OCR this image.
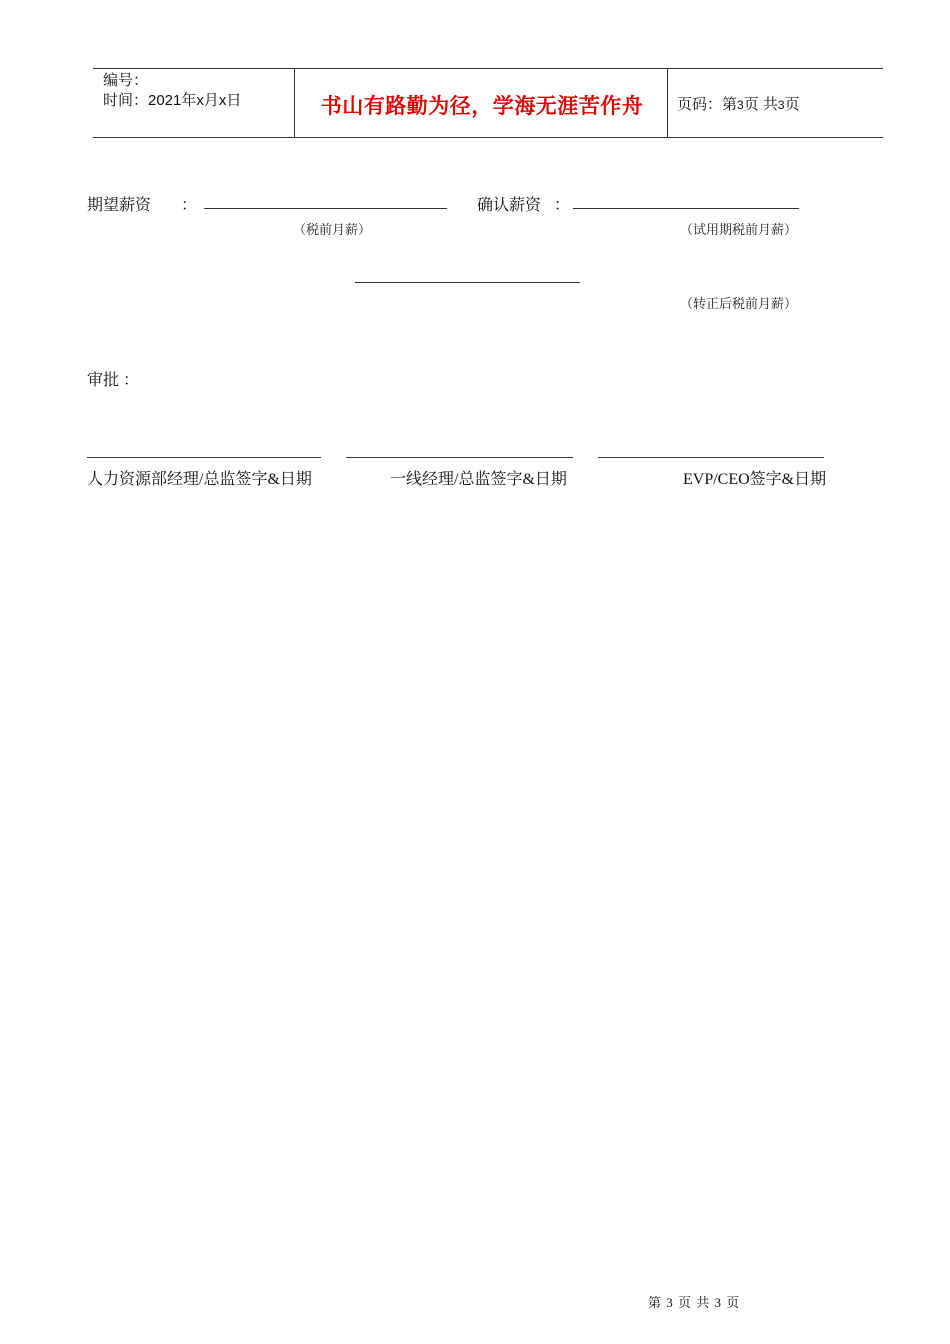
编号：
时间：2021年x月x日	书山有路勤为径，学海无涯苦作舟	页码：第3页 共3页
期望薪资 ：
（税前月薪）
确认薪资 ：
（试用期税前月薪）
（转正后税前月薪）
审批 ：
人力资源部经理/总监签字&日期	一线经理/总监签字&日期	EVP/CEO签字&日期
第 3 页 共 3 页
